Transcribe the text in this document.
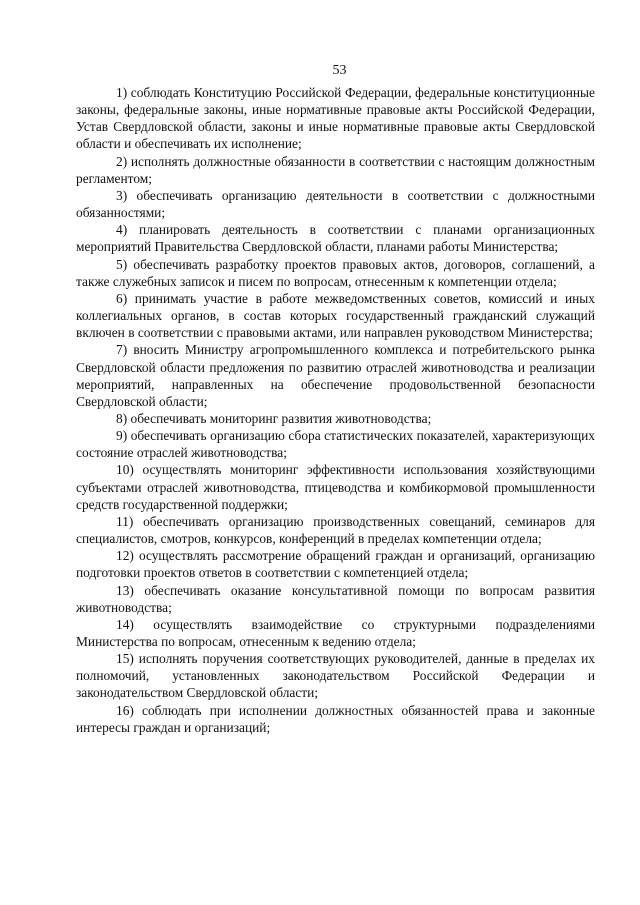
53

1) соблюдать Конституцию Российской Федерации, федеральные конституционные законы, федеральные законы, иные нормативные правовые акты Российской Федерации, Устав Свердловской области, законы и иные нормативные правовые акты Свердловской области и обеспечивать их исполнение;

2) исполнять должностные обязанности в соответствии с настоящим должностным регламентом;

3) обеспечивать организацию деятельности в соответствии с должностными обязанностями;

4) планировать деятельность в соответствии с планами организационных мероприятий Правительства Свердловской области, планами работы Министерства;

5) обеспечивать разработку проектов правовых актов, договоров, соглашений, а также служебных записок и писем по вопросам, отнесенным к компетенции отдела;

6) принимать участие в работе межведомственных советов, комиссий и иных коллегиальных органов, в состав которых государственный гражданский служащий включен в соответствии с правовыми актами, или направлен руководством Министерства;

7) вносить Министру агропромышленного комплекса и потребительского рынка Свердловской области предложения по развитию отраслей животноводства и реализации мероприятий, направленных на обеспечение продовольственной безопасности Свердловской области;

8) обеспечивать мониторинг развития животноводства;

9) обеспечивать организацию сбора статистических показателей, характеризующих состояние отраслей животноводства;

10) осуществлять мониторинг эффективности использования хозяйствующими субъектами отраслей животноводства, птицеводства и комбикормовой промышленности средств государственной поддержки;

11) обеспечивать организацию производственных совещаний, семинаров для специалистов, смотров, конкурсов, конференций в пределах компетенции отдела;

12) осуществлять рассмотрение обращений граждан и организаций, организацию подготовки проектов ответов в соответствии с компетенцией отдела;

13) обеспечивать оказание консультативной помощи по вопросам развития животноводства;

14) осуществлять взаимодействие со структурными подразделениями Министерства по вопросам, отнесенным к ведению отдела;

15) исполнять поручения соответствующих руководителей, данные в пределах их полномочий, установленных законодательством Российской Федерации и законодательством Свердловской области;

16) соблюдать при исполнении должностных обязанностей права и законные интересы граждан и организаций;
